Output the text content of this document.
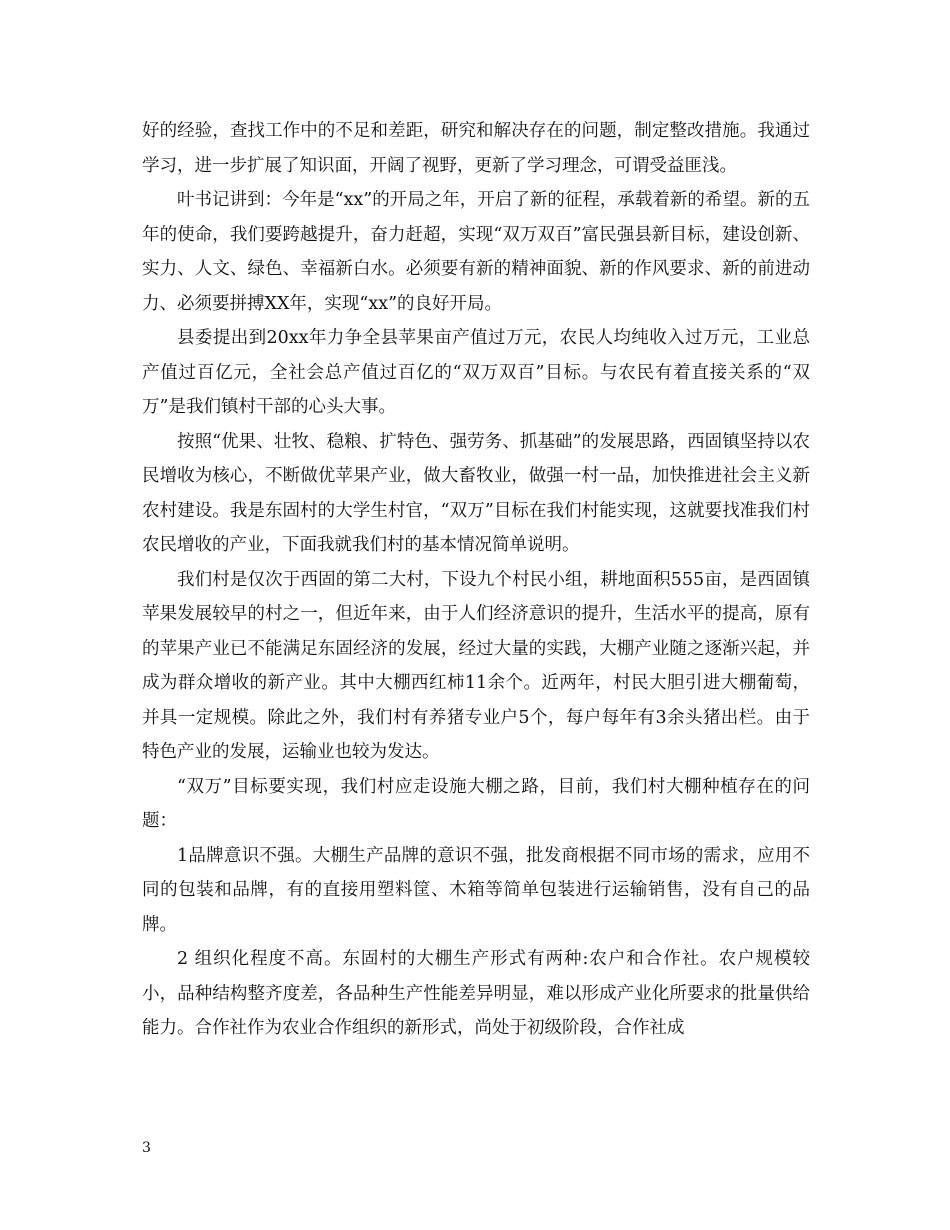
好的经验，查找工作中的不足和差距，研究和解决存在的问题，制定整改措施。我通过学习，进一步扩展了知识面，开阔了视野，更新了学习理念，可谓受益匪浅。

叶书记讲到：今年是“xx”的开局之年，开启了新的征程，承载着新的希望。新的五年的使命，我们要跨越提升，奋力赶超，实现“双万双百”富民强县新目标，建设创新、实力、人文、绿色、幸福新白水。必须要有新的精神面貌、新的作风要求、新的前进动力、必须要拼搏XX年，实现“xx”的良好开局。

县委提出到20xx年力争全县苹果亩产值过万元，农民人均纯收入过万元，工业总产值过百亿元，全社会总产值过百亿的“双万双百”目标。与农民有着直接关系的“双万”是我们镇村干部的心头大事。

按照“优果、壮牧、稳粮、扩特色、强劳务、抓基础”的发展思路，西固镇坚持以农民增收为核心，不断做优苹果产业，做大畜牧业，做强一村一品，加快推进社会主义新农村建设。我是东固村的大学生村官，“双万”目标在我们村能实现，这就要找准我们村农民增收的产业，下面我就我们村的基本情况简单说明。

我们村是仅次于西固的第二大村，下设九个村民小组，耕地面积555亩，是西固镇苹果发展较早的村之一，但近年来，由于人们经济意识的提升，生活水平的提高，原有的苹果产业已不能满足东固经济的发展，经过大量的实践，大棚产业随之逐渐兴起，并成为群众增收的新产业。其中大棚西红柿11余个。近两年，村民大胆引进大棚葡萄，并具一定规模。除此之外，我们村有养猪专业户5个，每户每年有3余头猪出栏。由于特色产业的发展，运输业也较为发达。

“双万”目标要实现，我们村应走设施大棚之路，目前，我们村大棚种植存在的问题：

1品牌意识不强。大棚生产品牌的意识不强，批发商根据不同市场的需求，应用不同的包装和品牌，有的直接用塑料筐、木箱等简单包装进行运输销售，没有自己的品牌。

2 组织化程度不高。东固村的大棚生产形式有两种:农户和合作社。农户规模较小，品种结构整齐度差，各品种生产性能差异明显，难以形成产业化所要求的批量供给能力。合作社作为农业合作组织的新形式，尚处于初级阶段，合作社成

3
